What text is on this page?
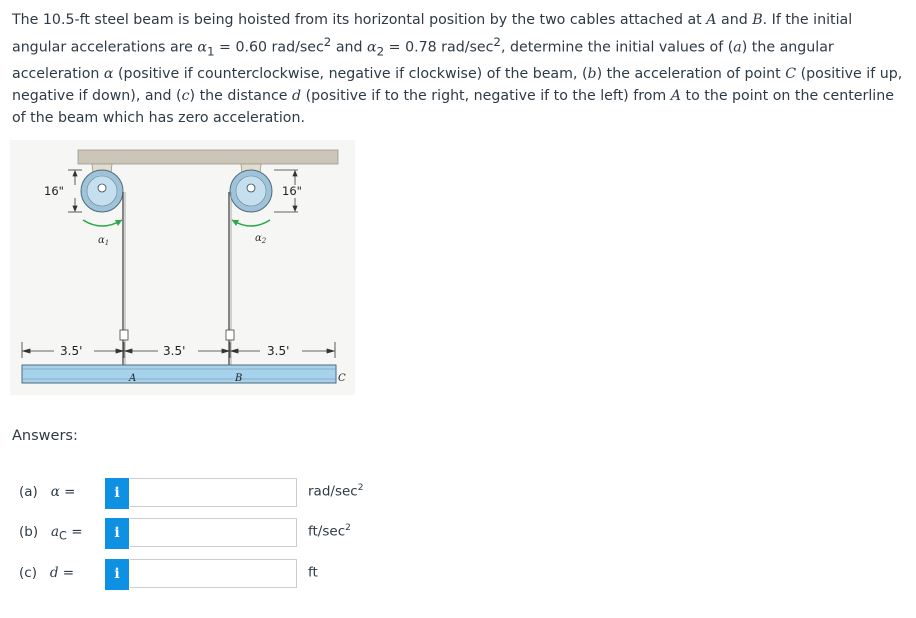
The 10.5-ft steel beam is being hoisted from its horizontal position by the two cables attached at A and B. If the initial angular accelerations are $\alpha_1 = 0.60$ rad/$\sec^2$ and $\alpha_2 = 0.78$ rad/$\sec^2$, determine the initial values of (a) the angular acceleration α (positive if counterclockwise, negative if clockwise) of the beam, (b) the acceleration of point C (positive if up, negative if down), and (c) the distance d (positive if to the right, negative if to the left) from A to the point on the centerline of the beam which has zero acceleration.
$\alpha_1$	$\alpha_2$
16"	16"
3.5'	3.5'	3.5'
A	B	C
Answers:
(a) α =	i	rad/$\sec^2$
(b) $a_C$ =	i	$ft/\sec^2$
(c) d =	i	ft
